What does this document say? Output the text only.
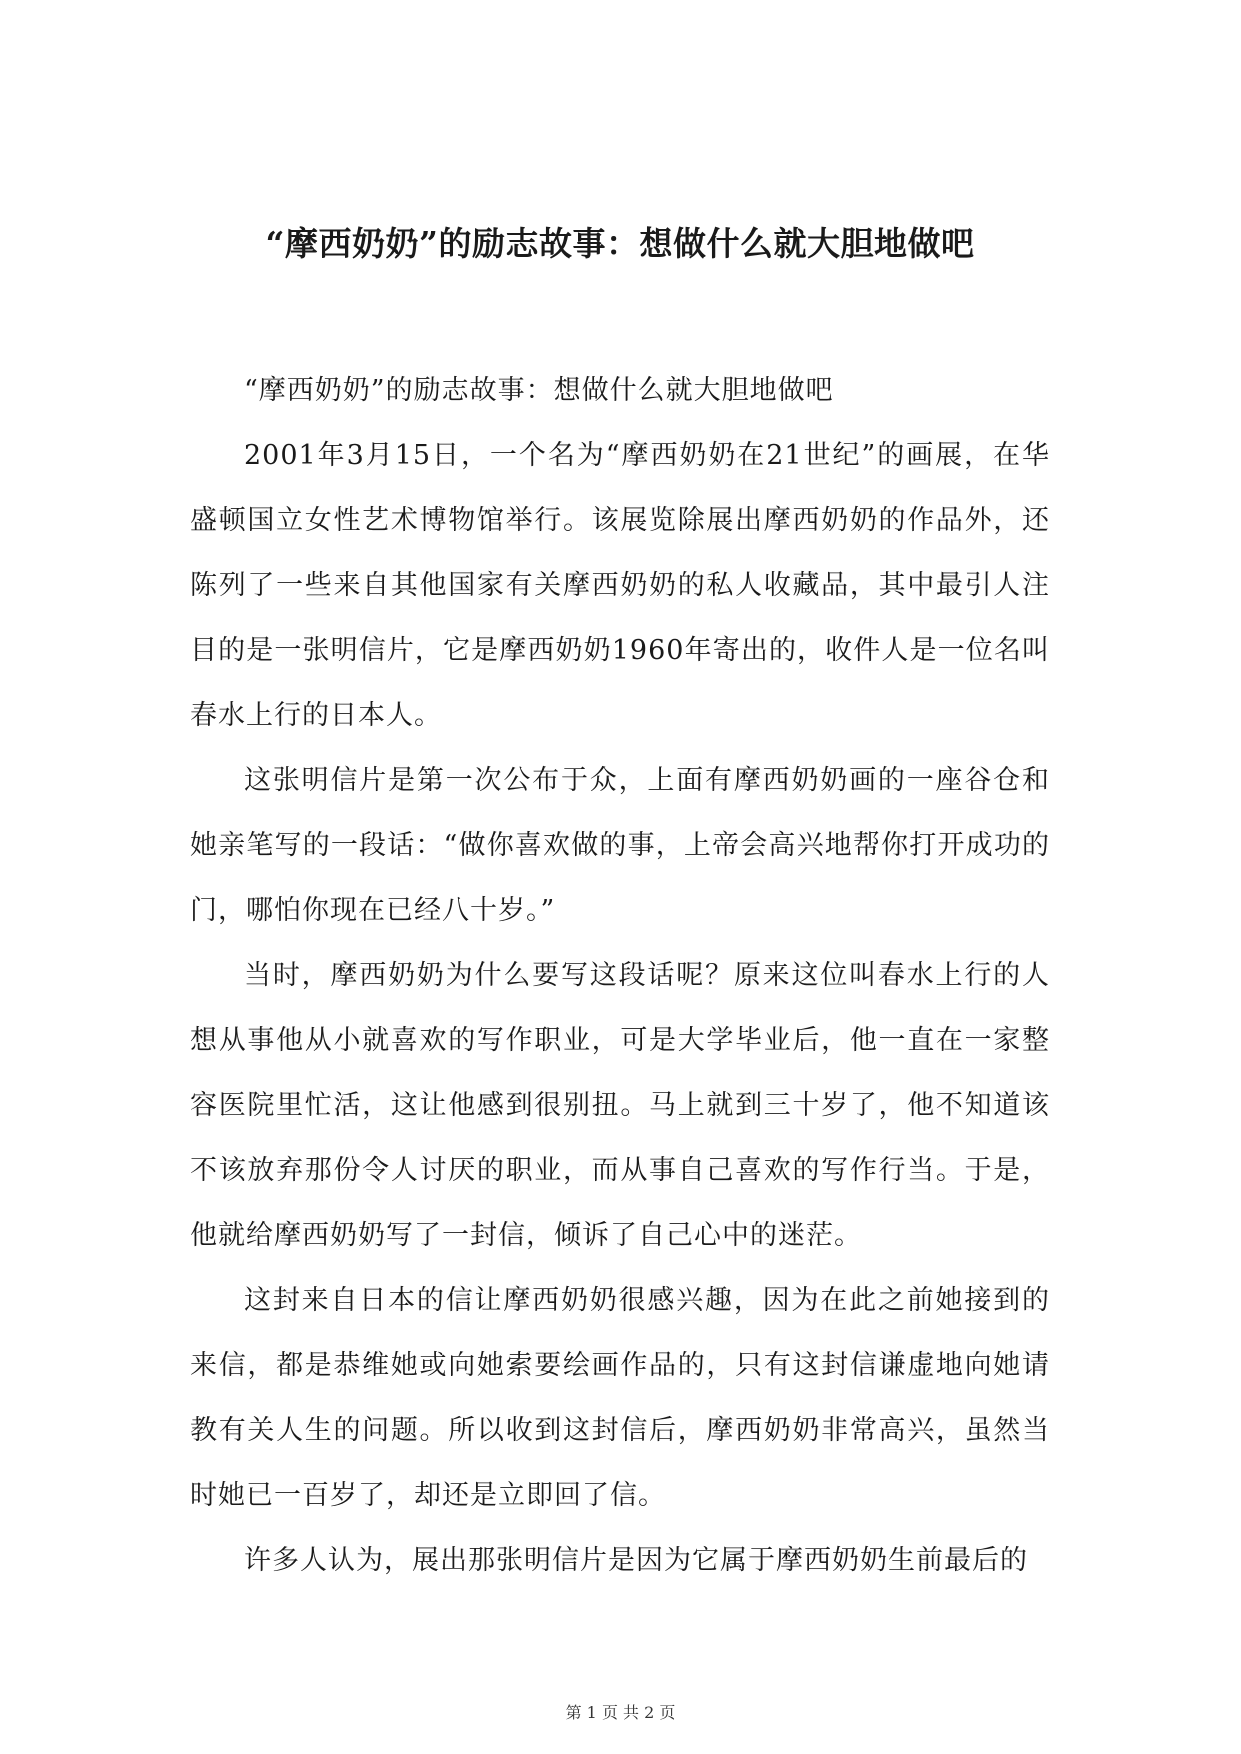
“摩西奶奶”的励志故事：想做什么就大胆地做吧

“摩西奶奶”的励志故事：想做什么就大胆地做吧

2001年3月15日，一个名为“摩西奶奶在21世纪”的画展，在华盛顿国立女性艺术博物馆举行。该展览除展出摩西奶奶的作品外，还陈列了一些来自其他国家有关摩西奶奶的私人收藏品，其中最引人注目的是一张明信片，它是摩西奶奶1960年寄出的，收件人是一位名叫春水上行的日本人。

这张明信片是第一次公布于众，上面有摩西奶奶画的一座谷仓和她亲笔写的一段话：“做你喜欢做的事，上帝会高兴地帮你打开成功的门，哪怕你现在已经八十岁。”

当时，摩西奶奶为什么要写这段话呢？原来这位叫春水上行的人想从事他从小就喜欢的写作职业，可是大学毕业后，他一直在一家整容医院里忙活，这让他感到很别扭。马上就到三十岁了，他不知道该不该放弃那份令人讨厌的职业，而从事自己喜欢的写作行当。于是，他就给摩西奶奶写了一封信，倾诉了自己心中的迷茫。

这封来自日本的信让摩西奶奶很感兴趣，因为在此之前她接到的来信，都是恭维她或向她索要绘画作品的，只有这封信谦虚地向她请教有关人生的问题。所以收到这封信后，摩西奶奶非常高兴，虽然当时她已一百岁了，却还是立即回了信。

许多人认为，展出那张明信片是因为它属于摩西奶奶生前最后的

第 1 页 共 2 页
